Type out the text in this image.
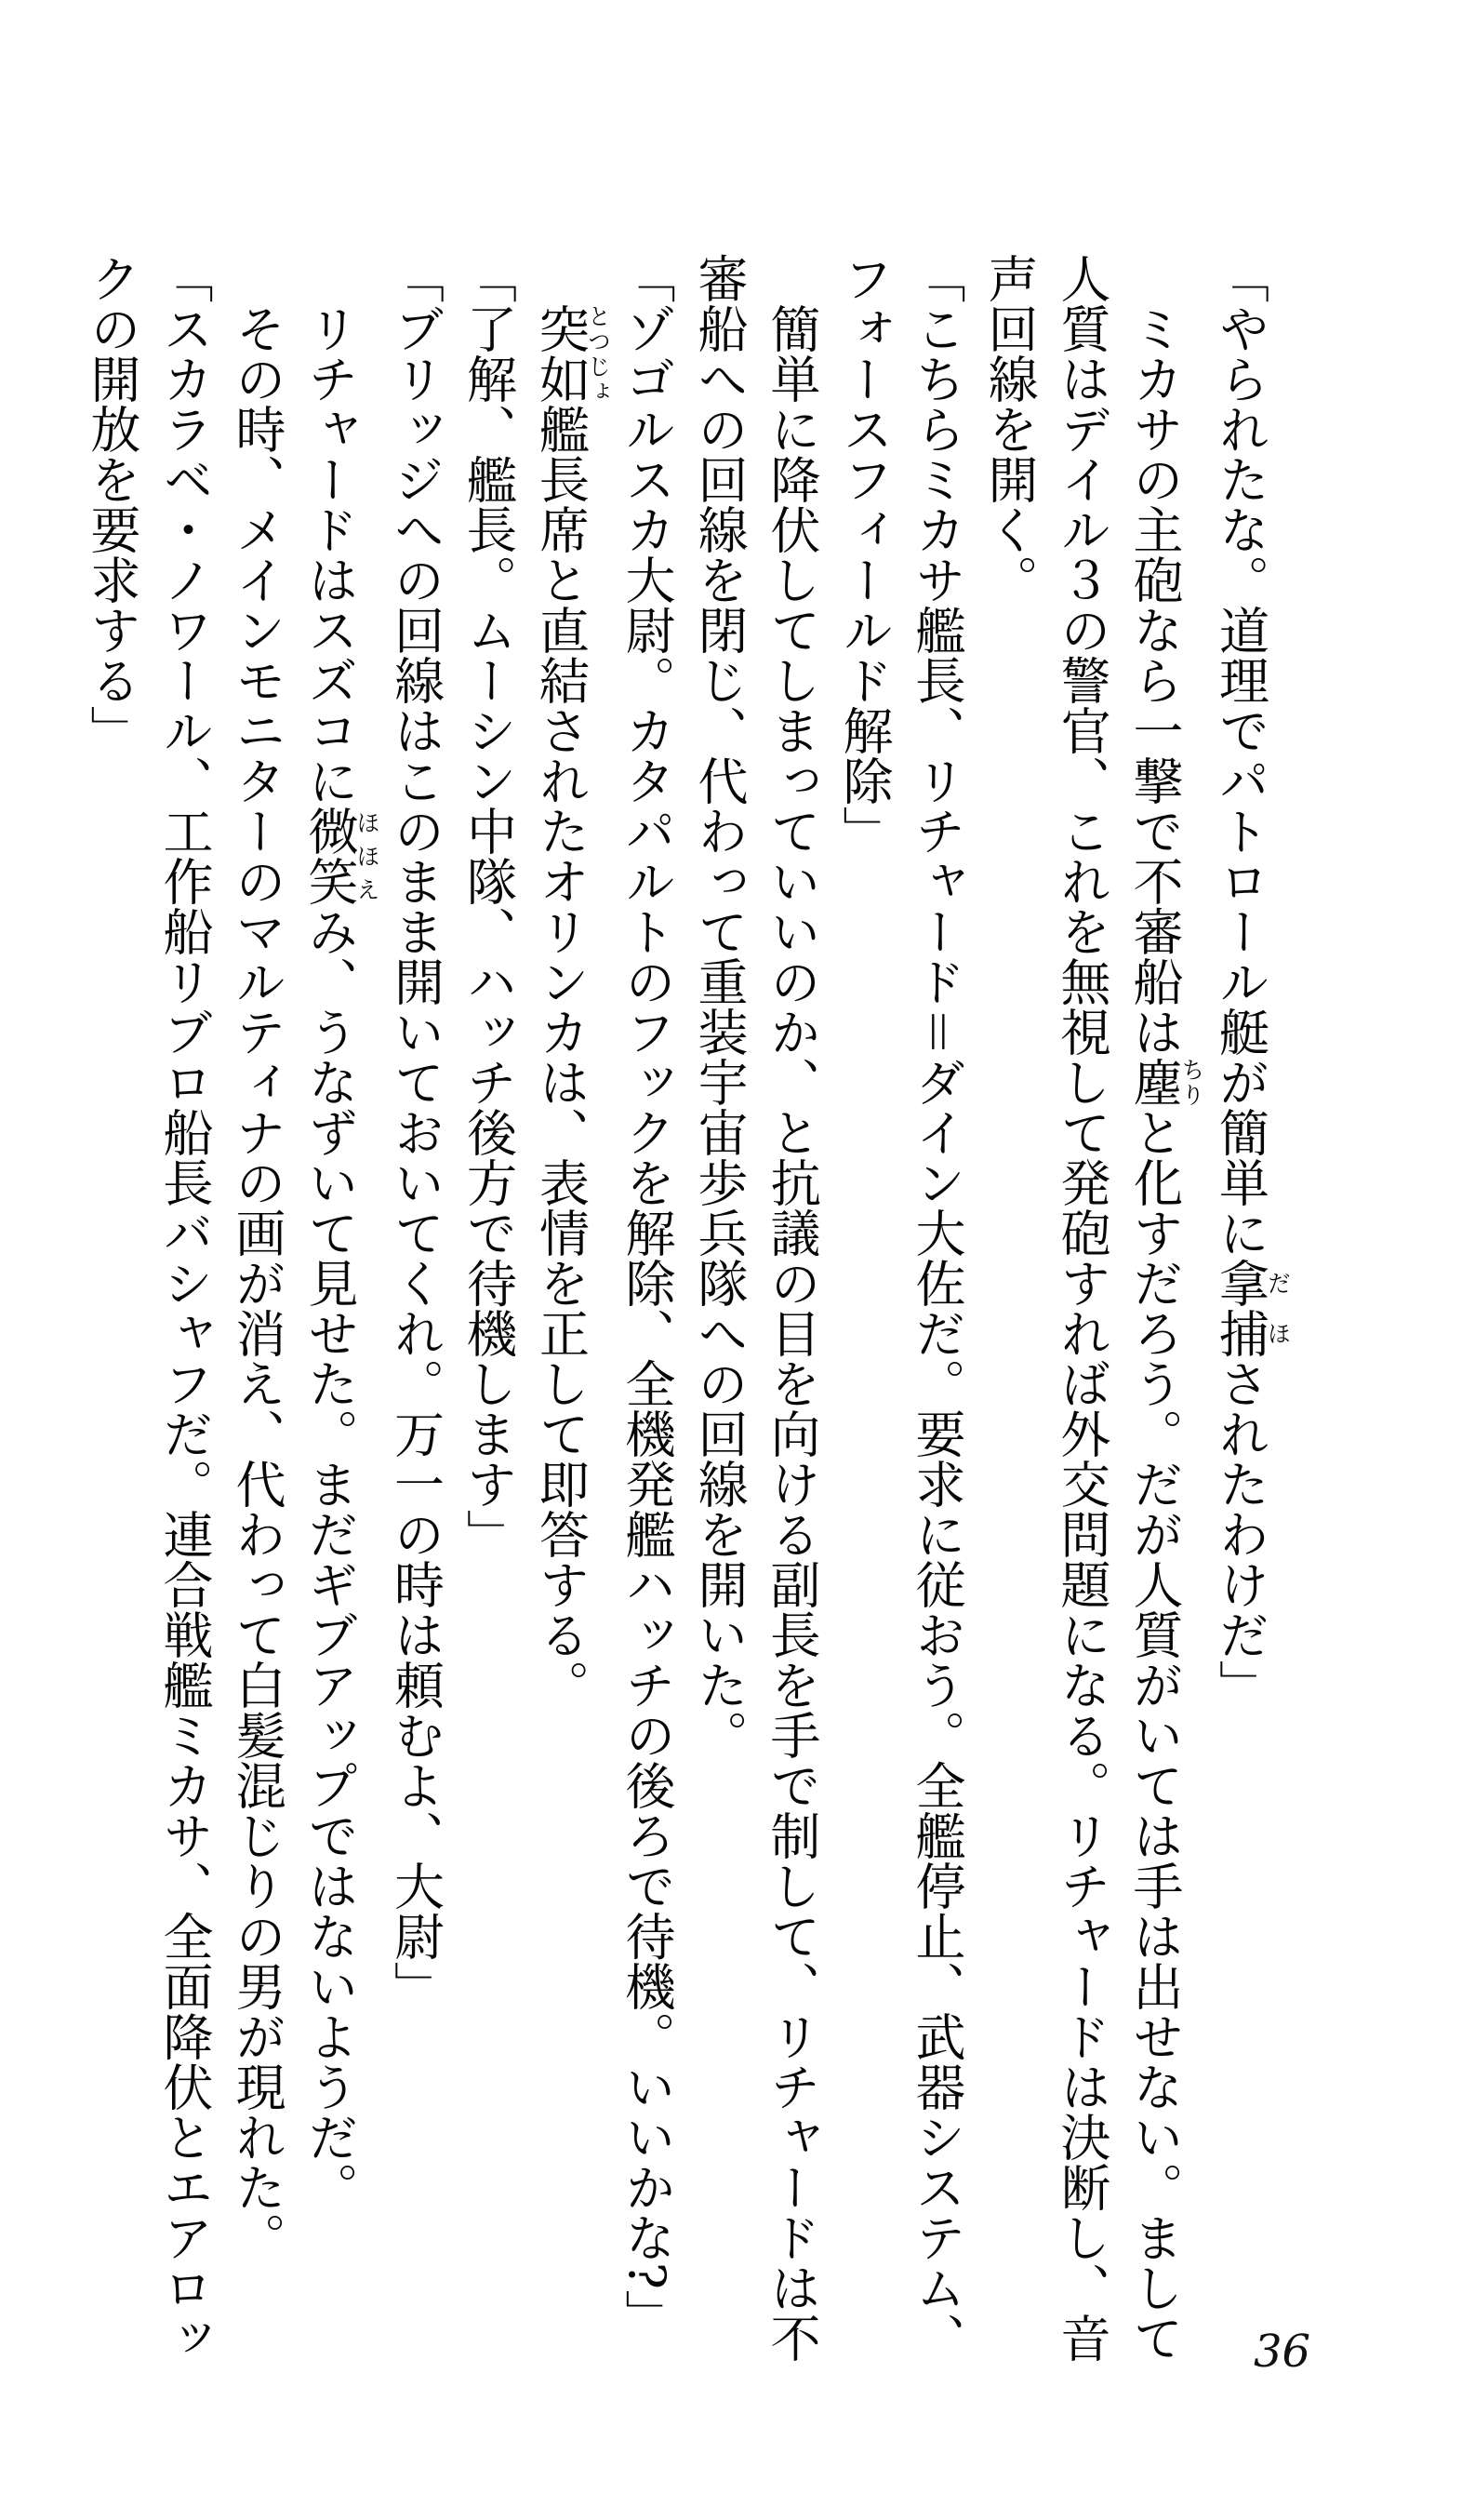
「やられたな。道理でパトロール艇が簡単に拿捕だほされたわけだ」
ミカサの主砲なら一撃で不審船は塵ちりと化すだろう。だが人質がいては手は出せない。まして
人質はデイル３の警官、これを無視して発砲すれば外交問題になる。リチャードは決断し、音
声回線を開く。
「こちらミカサ艦長、リチャード＝ダイン大佐だ。要求に従おう。全艦停止、武器システム、
フォースフィールド解除」
簡単に降伏してしまっていいのか、と抗議の目を向ける副長を手で制して、リチャードは不
審船への回線を閉じ、代わって重装宇宙歩兵隊への回線を開いた。
「ゾゴルスカ大尉。カタパルトのフックを解除、全機発艦ハッチの後ろで待機。いいかな?」
突如とつじょ艦長席と直結されたオリンカは、表情を正して即答する。
「了解、艦長。ムーシン中隊、ハッチ後方で待機します」
「ブリッジへの回線はこのまま開いておいてくれ。万一の時は頼むよ、大尉」
リチャードはスズコに微笑ほほえみ、うなずいて見せた。まだギブアップではないようだ。
その時、メインモニターのマルティナの画が消え、代わって白髪混じりの男が現れた。
「スカラベ・ノワール、工作船リブロ船長バシャフだ。連合戦艦ミカサ、全面降伏とエアロッ
クの開放を要求する」
36
